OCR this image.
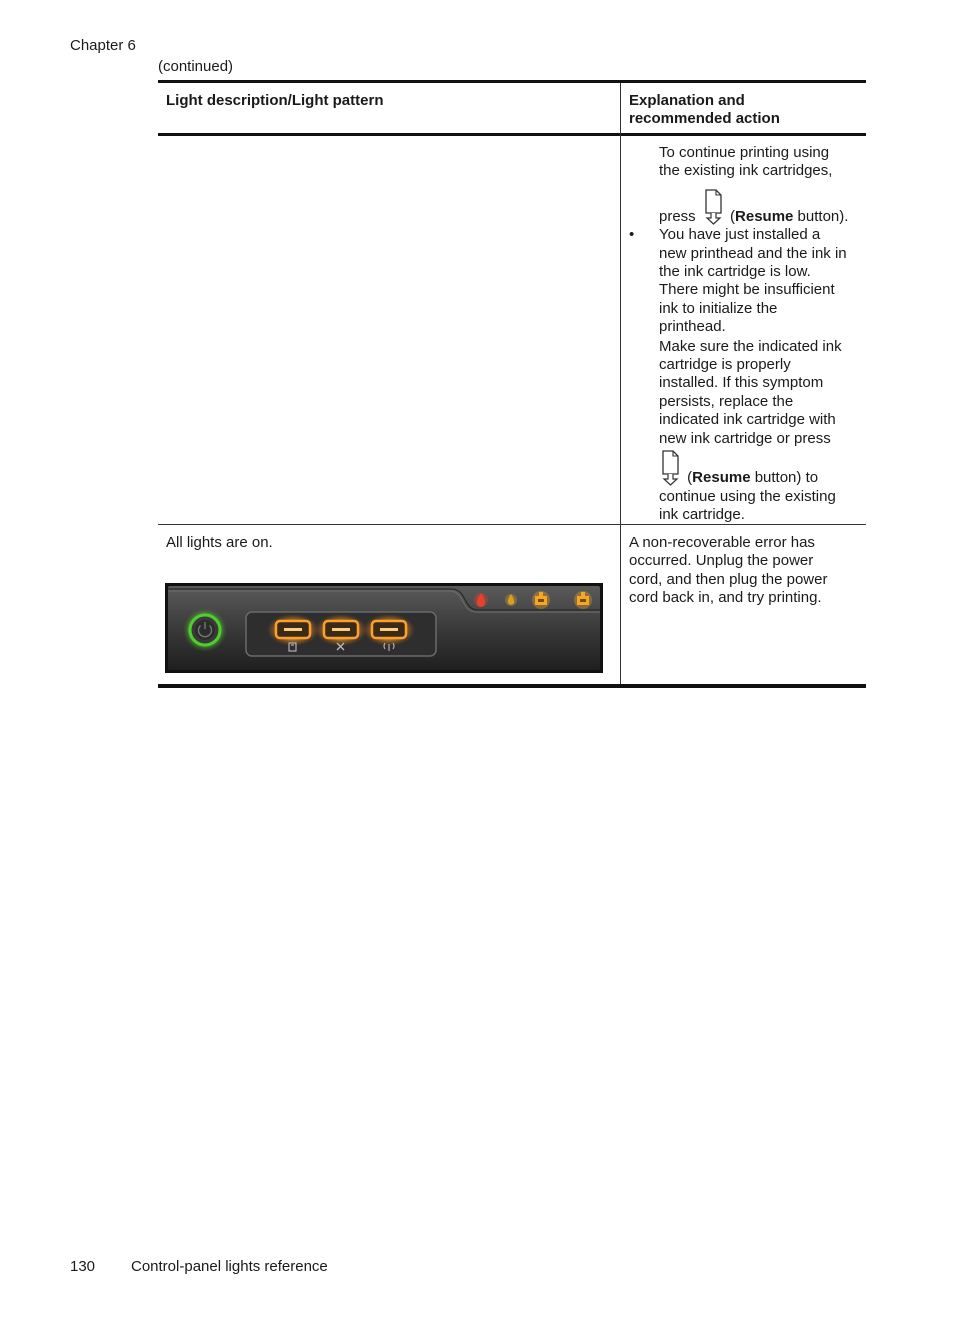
Chapter 6
(continued)
Light description/Light pattern	Explanation and
recommended action

To continue printing using

the existing ink cartridges,

press (Resume button).

• You have just installed a

new printhead and the ink in

the ink cartridge is low.

There might be insufficient

ink to initialize the

printhead.

Make sure the indicated ink

cartridge is properly

installed. If this symptom

persists, replace the

indicated ink cartridge with

new ink cartridge or press

(Resume button) to

continue using the existing

ink cartridge.

All lights are on.	A non-recoverable error has
occurred. Unplug the power
cord, and then plug the power
cord back in, and try printing.
130 Control-panel lights reference
